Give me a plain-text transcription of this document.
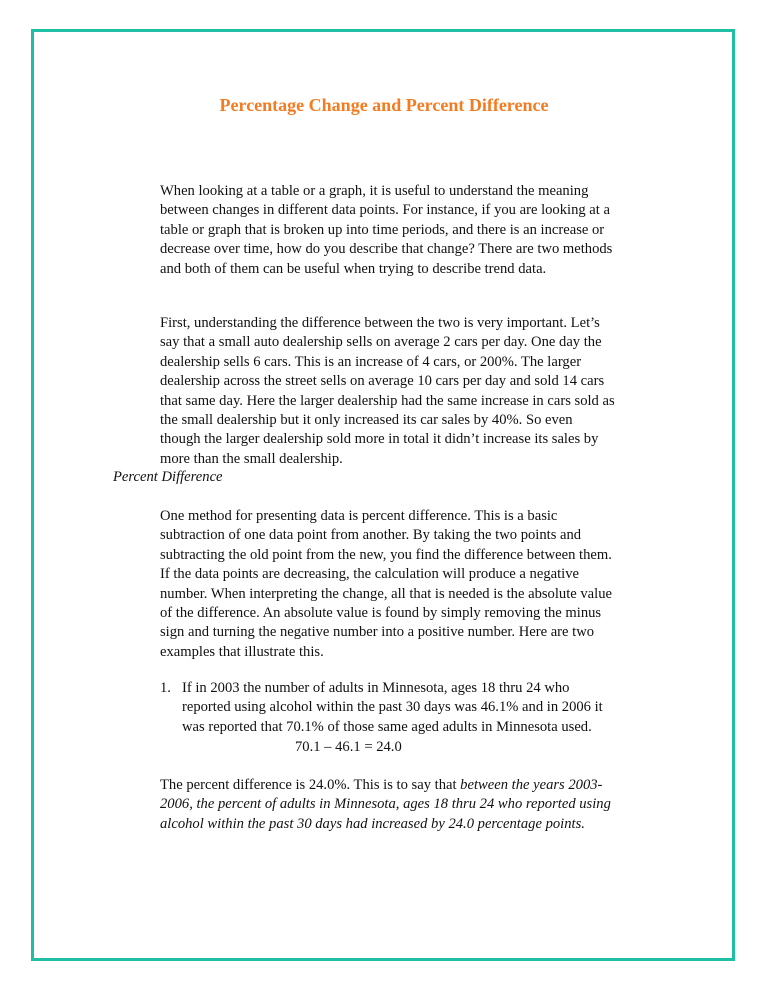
Percentage Change and Percent Difference

When looking at a table or a graph, it is useful to understand the meaning between changes in different data points. For instance, if you are looking at a table or graph that is broken up into time periods, and there is an increase or decrease over time, how do you describe that change? There are two methods and both of them can be useful when trying to describe trend data.

First, understanding the difference between the two is very important. Let’s say that a small auto dealership sells on average 2 cars per day. One day the dealership sells 6 cars. This is an increase of 4 cars, or 200%. The larger dealership across the street sells on average 10 cars per day and sold 14 cars that same day. Here the larger dealership had the same increase in cars sold as the small dealership but it only increased its car sales by 40%. So even though the larger dealership sold more in total it didn’t increase its sales by more than the small dealership.

Percent Difference

One method for presenting data is percent difference. This is a basic subtraction of one data point from another. By taking the two points and subtracting the old point from the new, you find the difference between them. If the data points are decreasing, the calculation will produce a negative number. When interpreting the change, all that is needed is the absolute value of the difference. An absolute value is found by simply removing the minus sign and turning the negative number into a positive number. Here are two examples that illustrate this.

1. If in 2003 the number of adults in Minnesota, ages 18 thru 24 who reported using alcohol within the past 30 days was 46.1% and in 2006 it was reported that 70.1% of those same aged adults in Minnesota used.

70.1 – 46.1 = 24.0

The percent difference is 24.0%. This is to say that between the years 2003-2006, the percent of adults in Minnesota, ages 18 thru 24 who reported using alcohol within the past 30 days had increased by 24.0 percentage points.
